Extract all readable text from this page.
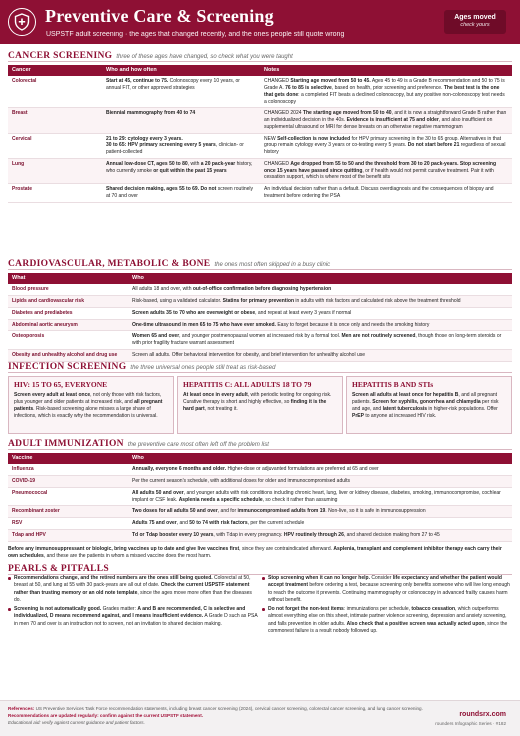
Preventive Care & Screening
USPSTF adult screening · the ages that changed recently, and the ones people still quote wrong
Ages moved
check yours
CANCER SCREENING three of these ages have changed, so check what you were taught
Cancer	Who and how often	Notes
Colorectal	Start at 45, continue to 75. Colonoscopy every 10 years, or annual FIT, or other approved strategies	CHANGED Starting age moved from 50 to 45. Ages 45 to 49 is a Grade B recommendation and 50 to 75 is Grade A. 76 to 85 is selective, based on health, prior screening and preference. The best test is the one that gets done: a completed FIT beats a declined colonoscopy, but any positive non-colonoscopy test needs a colonoscopy
Breast	Biennial mammography from 40 to 74	CHANGED 2024 The starting age moved from 50 to 40, and it is now a straightforward Grade B rather than an individualized decision in the 40s. Evidence is insufficient at 75 and older, and also insufficient on supplemental ultrasound or MRI for dense breasts on an otherwise negative mammogram
Cervical	21 to 29: cytology every 3 years.
30 to 65: HPV primary screening every 5 years, clinician- or patient-collected	NEW Self-collection is now included for HPV primary screening in the 30 to 65 group. Alternatives in that group remain cytology every 3 years or co-testing every 5 years. Do not start before 21 regardless of sexual history
Lung	Annual low-dose CT, ages 50 to 80, with a 20 pack-year history, who currently smoke or quit within the past 15 years	CHANGED Age dropped from 55 to 50 and the threshold from 30 to 20 pack-years. Stop screening once 15 years have passed since quitting, or if health would not permit curative treatment. Pair it with cessation support, which is where most of the benefit sits
Prostate	Shared decision making, ages 55 to 69. Do not screen routinely at 70 and over	An individual decision rather than a default. Discuss overdiagnosis and the consequences of biopsy and treatment before ordering the PSA
CARDIOVASCULAR, METABOLIC & BONE the ones most often skipped in a busy clinic
What	Who
Blood pressure	All adults 18 and over, with out-of-office confirmation before diagnosing hypertension
Lipids and cardiovascular risk	Risk-based, using a validated calculator. Statins for primary prevention in adults with risk factors and calculated risk above the treatment threshold
Diabetes and prediabetes	Screen adults 35 to 70 who are overweight or obese, and repeat at least every 3 years if normal
Abdominal aortic aneurysm	One-time ultrasound in men 65 to 75 who have ever smoked. Easy to forget because it is once only and needs the smoking history
Osteoporosis	Women 65 and over, and younger postmenopausal women at increased risk by a formal tool. Men are not routinely screened, though those on long-term steroids or with prior fragility fracture warrant assessment
Obesity and unhealthy alcohol and drug use	Screen all adults. Offer behavioral intervention for obesity, and brief intervention for unhealthy alcohol use
INFECTION SCREENING the three universal ones people still treat as risk-based
HIV: 15 TO 65, EVERYONE

Screen every adult at least once, not only those with risk factors, plus younger and older patients at increased risk, and all pregnant patients. Risk-based screening alone misses a large share of infections, which is exactly why the recommendation is universal.

HEPATITIS C: ALL ADULTS 18 TO 79

At least once in every adult, with periodic testing for ongoing risk. Curative therapy is short and highly effective, so finding it is the hard part, not treating it.

HEPATITIS B AND STIs

Screen all adults at least once for hepatitis B, and all pregnant patients. Screen for syphilis, gonorrhea and chlamydia per risk and age, and latent tuberculosis in higher-risk populations. Offer PrEP to anyone at increased HIV risk.

ADULT IMMUNIZATION the preventive care most often left off the problem list
Vaccine	Who
Influenza	Annually, everyone 6 months and older. Higher-dose or adjuvanted formulations are preferred at 65 and over
COVID-19	Per the current season's schedule, with additional doses for older and immunocompromised adults
Pneumococcal	All adults 50 and over, and younger adults with risk conditions including chronic heart, lung, liver or kidney disease, diabetes, smoking, immunocompromise, cochlear implant or CSF leak. Asplenia needs a specific schedule, so check it rather than assuming
Recombinant zoster	Two doses for all adults 50 and over, and for immunocompromised adults from 19. Non-live, so it is safe in immunosuppression
RSV	Adults 75 and over, and 50 to 74 with risk factors, per the current schedule
Tdap and HPV	Td or Tdap booster every 10 years, with Tdap in every pregnancy. HPV routinely through 26, and shared decision making from 27 to 45
Before any immunosuppressant or biologic, bring vaccines up to date and give live vaccines first, since they are contraindicated afterward. Asplenia, transplant and complement inhibitor therapy each carry their own schedules, and these are the patients in whom a missed vaccine does the most harm.
PEARLS & PITFALLS
Recommendations change, and the retired numbers are the ones still being quoted. Colorectal at 50, breast at 50, and lung at 55 with 30 pack-years are all out of date. Check the current USPSTF statement rather than trusting memory or an old note template, since the ages move more often than the diseases do.
Screening is not automatically good. Grades matter: A and B are recommended, C is selective and individualized, D means recommend against, and I means insufficient evidence. A Grade D such as PSA in men 70 and over is an instruction not to screen, not an invitation to shared decision making.
Stop screening when it can no longer help. Consider life expectancy and whether the patient would accept treatment before ordering a test, because screening only benefits someone who will live long enough to reach the outcome it prevents. Continuing mammography or colonoscopy in advanced frailty causes harm without benefit.
Do not forget the non-test items: immunizations per schedule, tobacco cessation, which outperforms almost everything else on this sheet, intimate partner violence screening, depression and anxiety screening, and falls prevention in older adults. Also check that a positive screen was actually acted upon, since the commonest failure is a result nobody followed up.
References: US Preventive Services Task Force recommendation statements, including breast cancer screening (2024), cervical cancer screening, colorectal cancer screening, and lung cancer screening. Recommendations are updated regularly: confirm against the current USPSTF statement.
Educational aid: verify against current guidance and patient factors.
roundsrx.com
rounders Infographic Series · #182
